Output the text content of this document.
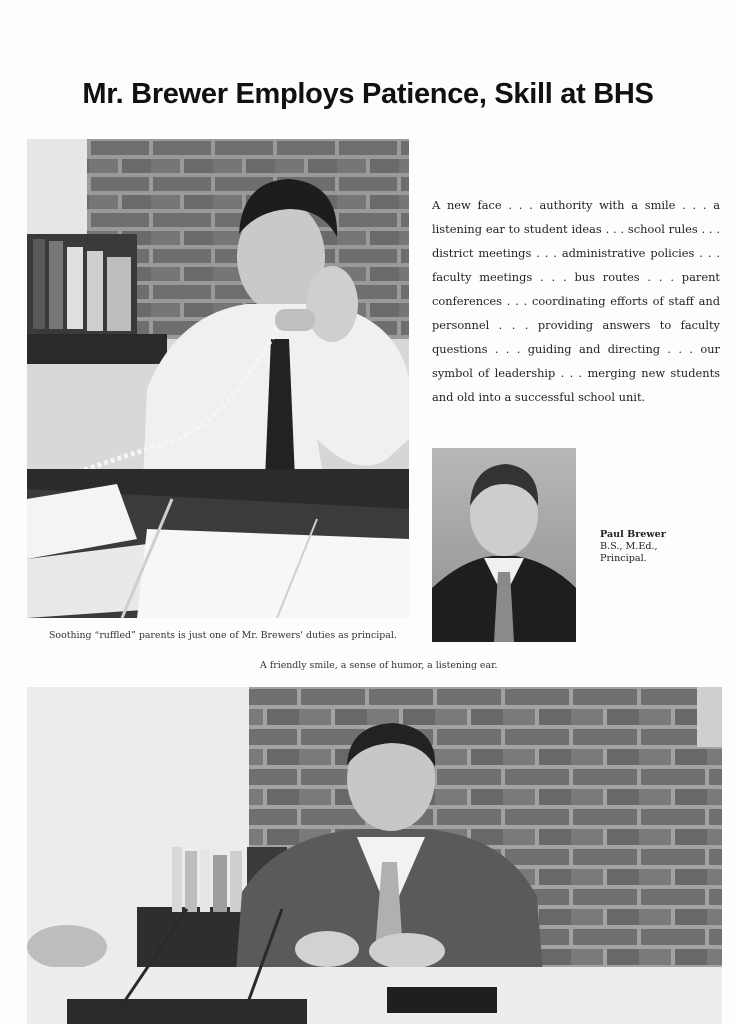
Mr. Brewer Employs Patience, Skill at BHS
A new face . . . authority with a smile . . . a listening ear to student ideas . . . school rules . . . district meetings . . . administrative policies . . . faculty meetings . . . bus routes . . . parent conferences . . . coordinating efforts of staff and personnel . . . providing answers to faculty questions . . . guiding and directing . . . our symbol of leadership . . . merging new students and old into a successful school unit.
Paul Brewer
B.S., M.Ed.,
Principal.
Soothing “ruffled” parents is just one of Mr. Brewers' duties as principal.
A friendly smile, a sense of humor, a listening ear.
